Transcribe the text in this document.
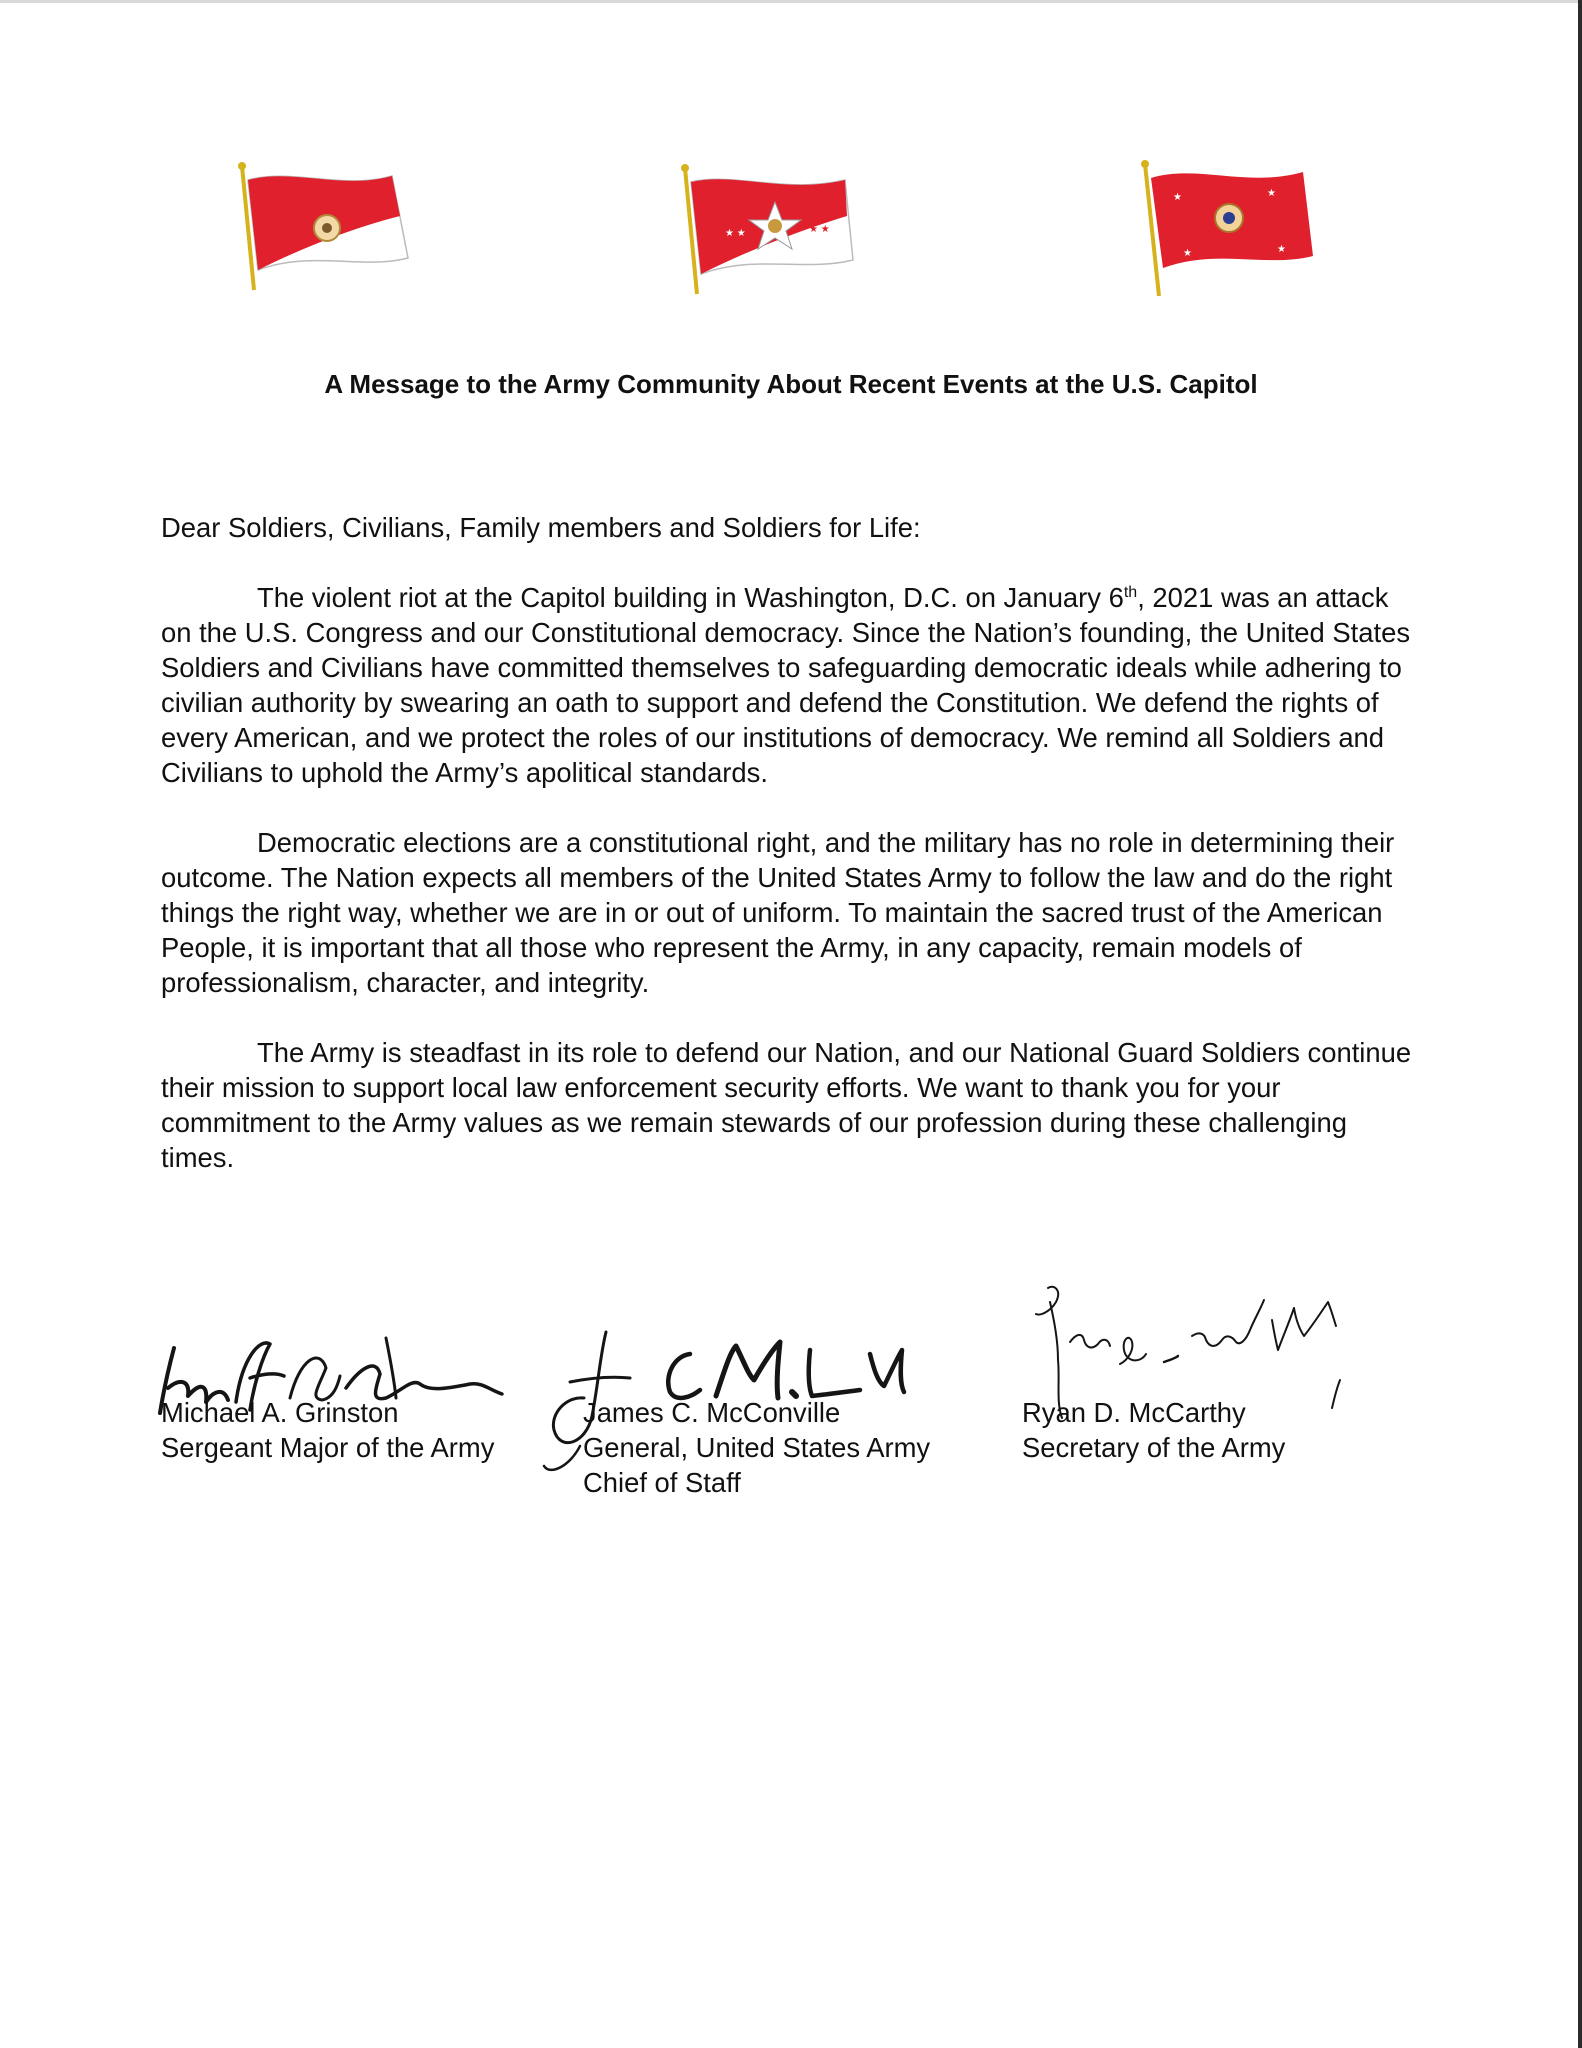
★ ★	★ ★
★	★
★	★
A Message to the Army Community About Recent Events at the U.S. Capitol

Dear Soldiers, Civilians, Family members and Soldiers for Life:

The violent riot at the Capitol building in Washington, D.C. on January 6th, 2021 was an attack on the U.S. Congress and our Constitutional democracy. Since the Nation’s founding, the United States Soldiers and Civilians have committed themselves to safeguarding democratic ideals while adhering to civilian authority by swearing an oath to support and defend the Constitution. We defend the rights of every American, and we protect the roles of our institutions of democracy. We remind all Soldiers and Civilians to uphold the Army’s apolitical standards.

Democratic elections are a constitutional right, and the military has no role in determining their outcome. The Nation expects all members of the United States Army to follow the law and do the right things the right way, whether we are in or out of uniform. To maintain the sacred trust of the American People, it is important that all those who represent the Army, in any capacity, remain models of professionalism, character, and integrity.

The Army is steadfast in its role to defend our Nation, and our National Guard Soldiers continue their mission to support local law enforcement security efforts. We want to thank you for your commitment to the Army values as we remain stewards of our profession during these challenging times.

Michael A. Grinston
Sergeant Major of the Army
James C. McConville
General, United States Army
Chief of Staff
Ryan D. McCarthy
Secretary of the Army
